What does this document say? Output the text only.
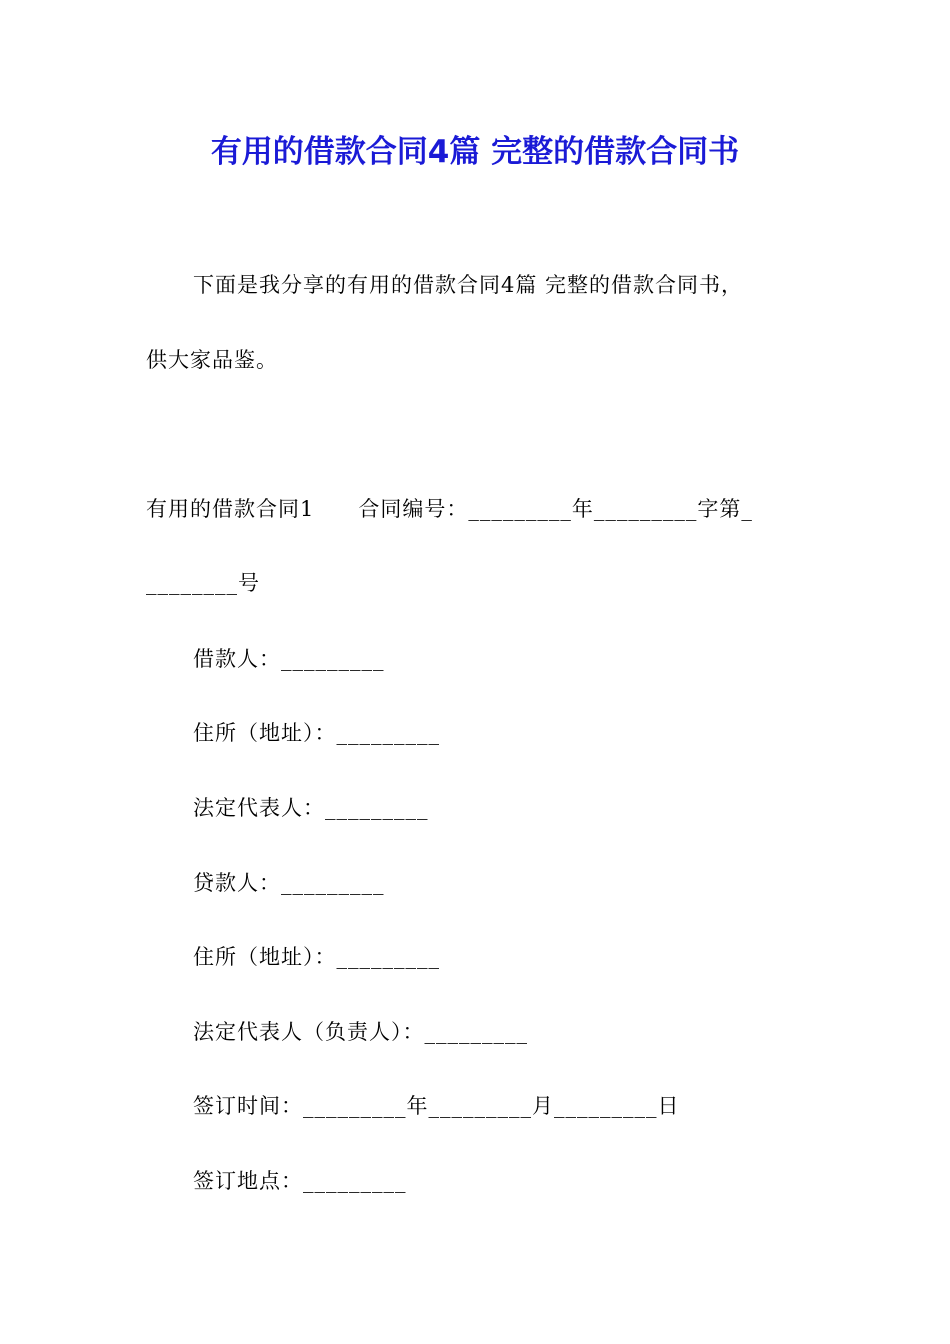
有用的借款合同4篇 完整的借款合同书
下面是我分享的有用的借款合同4篇 完整的借款合同书，
供大家品鉴。
有用的借款合同1　　合同编号：_________年_________字第_
________号
借款人：_________
住所（地址）：_________
法定代表人：_________
贷款人：_________
住所（地址）：_________
法定代表人（负责人）：_________
签订时间：_________年_________月_________日
签订地点：_________
